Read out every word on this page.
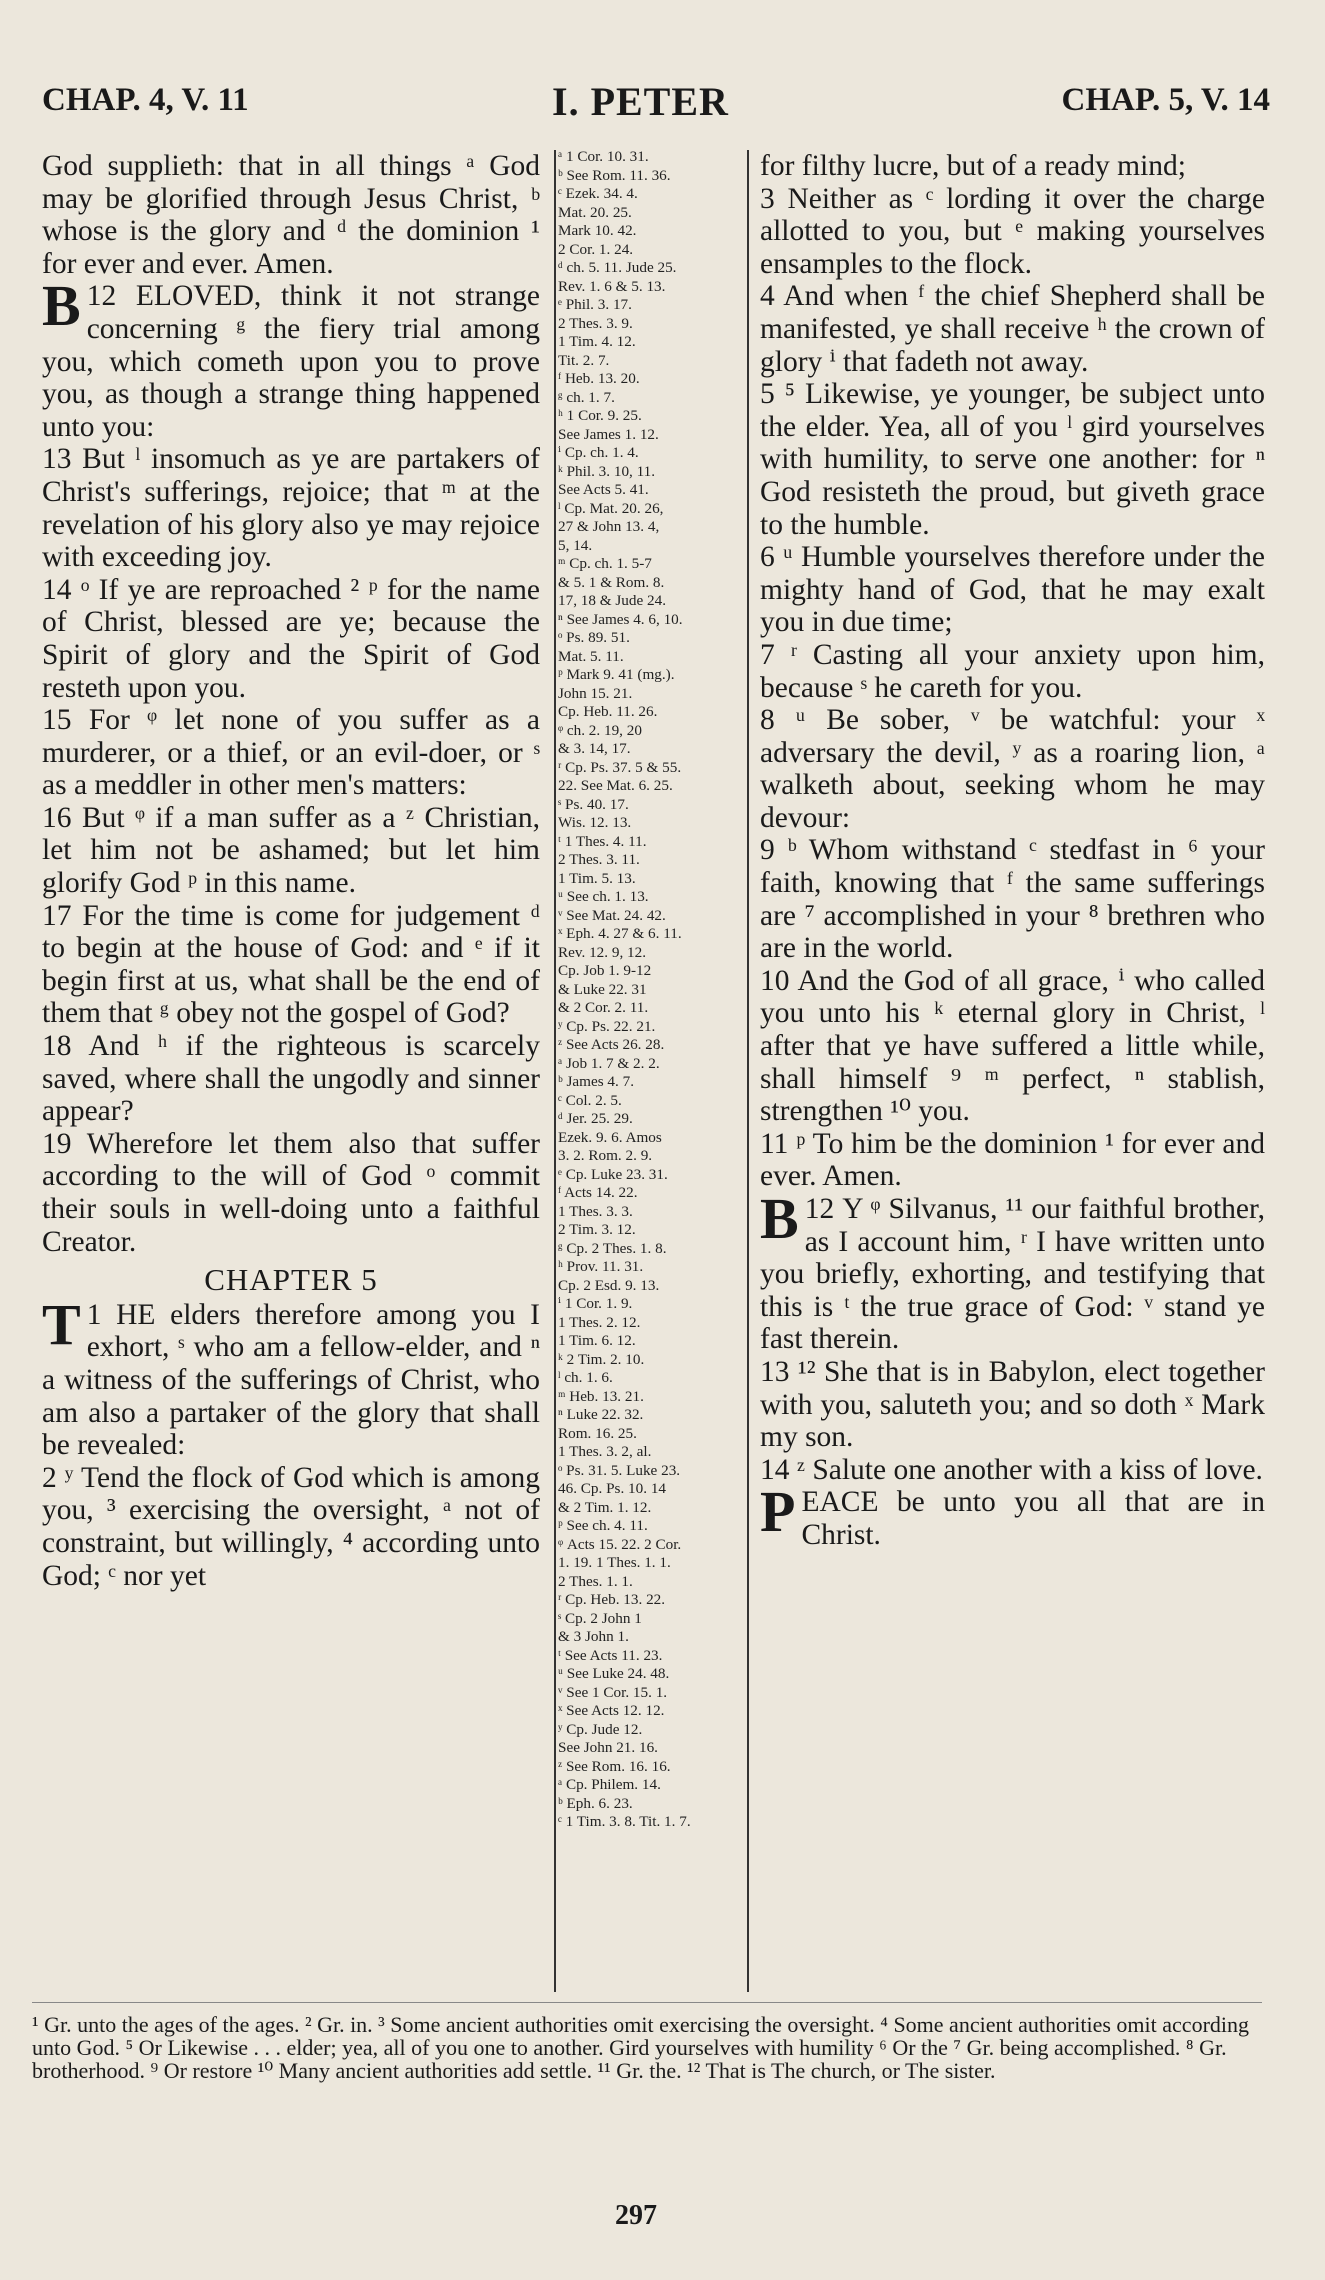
CHAP. 4, V. 11	I. PETER	CHAP. 5, V. 14

God supplieth: that in all things ᵃ God may be glorified through Jesus Christ, ᵇ whose is the glory and ᵈ the dominion ¹ for ever and ever. Amen.

12
B ELOVED, think it not strange concerning ᵍ the fiery trial among you, which cometh upon you to prove you, as though a strange thing happened unto you:

13 But ˡ insomuch as ye are partakers of Christ's sufferings, rejoice; that ᵐ at the revelation of his glory also ye may rejoice with exceeding joy.

14 ᵒ If ye are reproached ² ᵖ for the name of Christ, blessed are ye; because the Spirit of glory and the Spirit of God resteth upon you.

15 For ᵠ let none of you suffer as a murderer, or a thief, or an evil-doer, or ˢ as a meddler in other men's matters:

16 But ᵠ if a man suffer as a ᶻ Christian, let him not be ashamed; but let him glorify God ᵖ in this name.

17 For the time is come for judgement ᵈ to begin at the house of God: and ᵉ if it begin first at us, what shall be the end of them that ᵍ obey not the gospel of God?

18 And ʰ if the righteous is scarcely saved, where shall the ungodly and sinner appear?

19 Wherefore let them also that suffer according to the will of God ᵒ commit their souls in well-doing unto a faithful Creator.

CHAPTER 5

1
T HE elders therefore among you I exhort, ˢ who am a fellow-elder, and ⁿ a witness of the sufferings of Christ, who am also a partaker of the glory that shall be revealed:

2 ʸ Tend the flock of God which is among you, ³ exercising the oversight, ᵃ not of constraint, but willingly, ⁴ according unto God; ᶜ nor yet

ᵃ 1 Cor. 10. 31.
ᵇ See Rom. 11. 36.
ᶜ Ezek. 34. 4.
Mat. 20. 25.
Mark 10. 42.
2 Cor. 1. 24.
ᵈ ch. 5. 11. Jude 25.
Rev. 1. 6 & 5. 13.
ᵉ Phil. 3. 17.
2 Thes. 3. 9.
1 Tim. 4. 12.
Tit. 2. 7.
ᶠ Heb. 13. 20.
ᵍ ch. 1. 7.
ʰ 1 Cor. 9. 25.
See James 1. 12.
ⁱ Cp. ch. 1. 4.
ᵏ Phil. 3. 10, 11.
See Acts 5. 41.
ˡ Cp. Mat. 20. 26,
27 & John 13. 4,
5, 14.
ᵐ Cp. ch. 1. 5-7
& 5. 1 & Rom. 8.
17, 18 & Jude 24.
ⁿ See James 4. 6, 10.
ᵒ Ps. 89. 51.
Mat. 5. 11.
ᵖ Mark 9. 41 (mg.).
John 15. 21.
Cp. Heb. 11. 26.
ᵠ ch. 2. 19, 20
& 3. 14, 17.
ʳ Cp. Ps. 37. 5 & 55.
22. See Mat. 6. 25.
ˢ Ps. 40. 17.
Wis. 12. 13.
ᵗ 1 Thes. 4. 11.
2 Thes. 3. 11.
1 Tim. 5. 13.
ᵘ See ch. 1. 13.
ᵛ See Mat. 24. 42.
ˣ Eph. 4. 27 & 6. 11.
Rev. 12. 9, 12.
Cp. Job 1. 9-12
& Luke 22. 31
& 2 Cor. 2. 11.
ʸ Cp. Ps. 22. 21.
ᶻ See Acts 26. 28.
ᵃ Job 1. 7 & 2. 2.
ᵇ James 4. 7.
ᶜ Col. 2. 5.
ᵈ Jer. 25. 29.
Ezek. 9. 6. Amos
3. 2. Rom. 2. 9.
ᵉ Cp. Luke 23. 31.
ᶠ Acts 14. 22.
1 Thes. 3. 3.
2 Tim. 3. 12.
ᵍ Cp. 2 Thes. 1. 8.
ʰ Prov. 11. 31.
Cp. 2 Esd. 9. 13.
ⁱ 1 Cor. 1. 9.
1 Thes. 2. 12.
1 Tim. 6. 12.
ᵏ 2 Tim. 2. 10.
ˡ ch. 1. 6.
ᵐ Heb. 13. 21.
ⁿ Luke 22. 32.
Rom. 16. 25.
1 Thes. 3. 2, al.
ᵒ Ps. 31. 5. Luke 23.
46. Cp. Ps. 10. 14
& 2 Tim. 1. 12.
ᵖ See ch. 4. 11.
ᵠ Acts 15. 22. 2 Cor.
1. 19. 1 Thes. 1. 1.
2 Thes. 1. 1.
ʳ Cp. Heb. 13. 22.
ˢ Cp. 2 John 1
& 3 John 1.
ᵗ See Acts 11. 23.
ᵘ See Luke 24. 48.
ᵛ See 1 Cor. 15. 1.
ˣ See Acts 12. 12.
ʸ Cp. Jude 12.
See John 21. 16.
ᶻ See Rom. 16. 16.
ᵃ Cp. Philem. 14.
ᵇ Eph. 6. 23.
ᶜ 1 Tim. 3. 8. Tit. 1. 7.

for filthy lucre, but of a ready mind;

3 Neither as ᶜ lording it over the charge allotted to you, but ᵉ making yourselves ensamples to the flock.

4 And when ᶠ the chief Shepherd shall be manifested, ye shall receive ʰ the crown of glory ⁱ that fadeth not away.

5 ⁵ Likewise, ye younger, be subject unto the elder. Yea, all of you ˡ gird yourselves with humility, to serve one another: for ⁿ God resisteth the proud, but giveth grace to the humble.

6 ᵘ Humble yourselves therefore under the mighty hand of God, that he may exalt you in due time;

7 ʳ Casting all your anxiety upon him, because ˢ he careth for you.

8 ᵘ Be sober, ᵛ be watchful: your ˣ adversary the devil, ʸ as a roaring lion, ᵃ walketh about, seeking whom he may devour:

9 ᵇ Whom withstand ᶜ stedfast in ⁶ your faith, knowing that ᶠ the same sufferings are ⁷ accomplished in your ⁸ brethren who are in the world.

10 And the God of all grace, ⁱ who called you unto his ᵏ eternal glory in Christ, ˡ after that ye have suffered a little while, shall himself ⁹ ᵐ perfect, ⁿ stablish, strengthen ¹⁰ you.

11 ᵖ To him be the dominion ¹ for ever and ever. Amen.

12
B Y ᵠ Silvanus, ¹¹ our faithful brother, as I account him, ʳ I have written unto you briefly, exhorting, and testifying that this is ᵗ the true grace of God: ᵛ stand ye fast therein.

13 ¹² She that is in Babylon, elect together with you, saluteth you; and so doth ˣ Mark my son.

14 ᶻ Salute one another with a kiss of love.

PEACE be unto you all that are in Christ.

¹ Gr. unto the ages of the ages. ² Gr. in. ³ Some ancient authorities omit exercising the oversight. ⁴ Some ancient authorities omit according unto God. ⁵ Or Likewise . . . elder; yea, all of you one to another. Gird yourselves with humility ⁶ Or the ⁷ Gr. being accomplished. ⁸ Gr. brotherhood. ⁹ Or restore ¹⁰ Many ancient authorities add settle. ¹¹ Gr. the. ¹² That is The church, or The sister.
297
